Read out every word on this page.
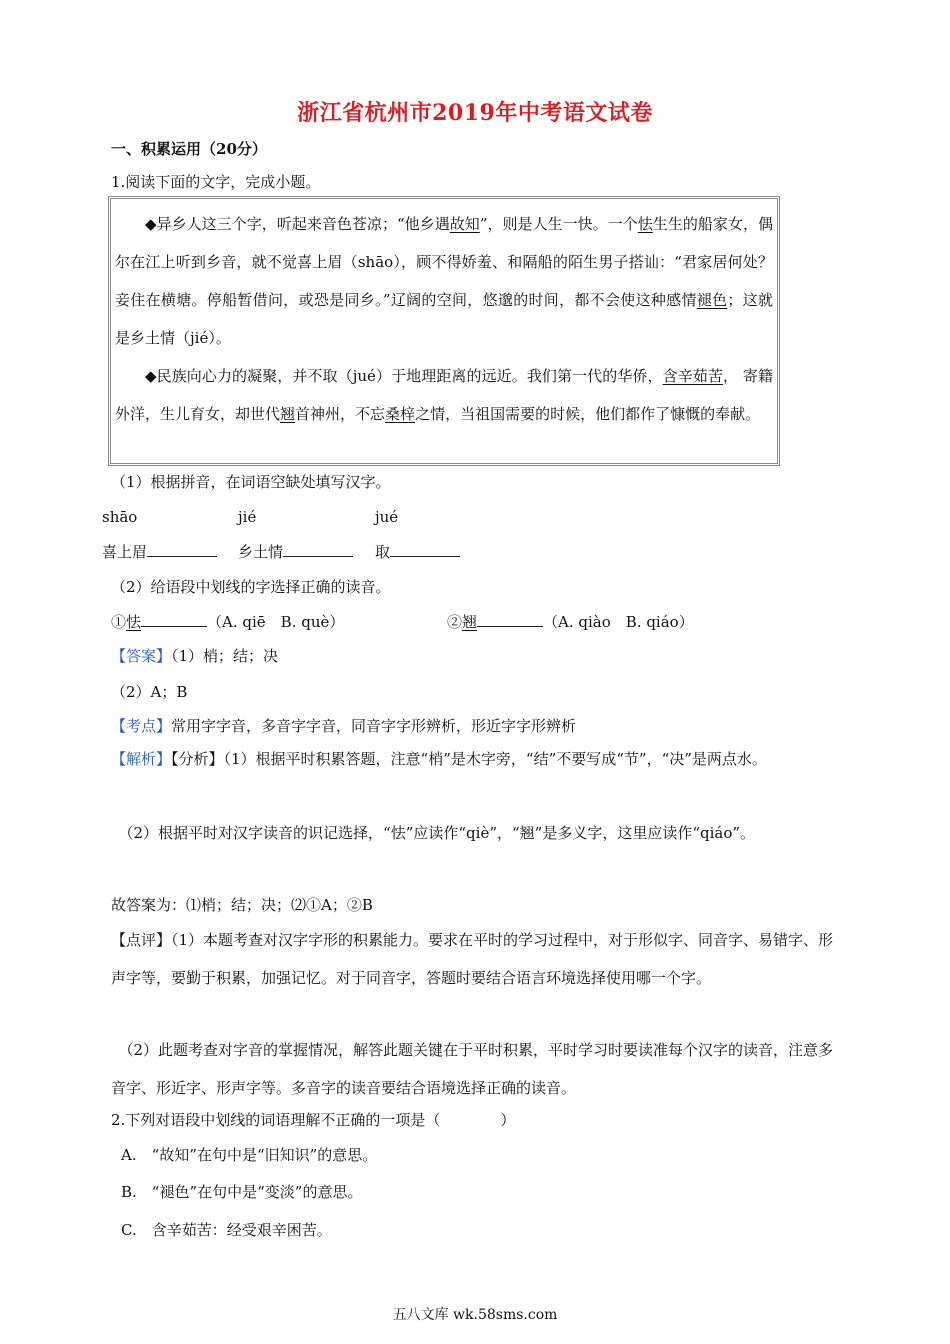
浙江省杭州市2019年中考语文试卷
一、积累运用（20分）
1.阅读下面的文字，完成小题。

◆异乡人这三个字，听起来音色苍凉；“他乡遇故知”，则是人生一快。一个怯生生的船家女，偶尔在江上听到乡音，就不觉喜上眉（shāo），顾不得娇羞、和隔船的陌生男子搭讪：“君家居何处？妾住在横塘。停船暂借问，或恐是同乡。”辽阔的空间，悠邈的时间，都不会使这种感情褪色；这就是乡土情（jié）。

◆民族向心力的凝聚，并不取（jué）于地理距离的远近。我们第一代的华侨，含辛茹苦， 寄籍外洋，生儿育女，却世代翘首神州，不忘桑梓之情，当祖国需要的时候，他们都作了慷慨的奉献。

（1）根据拼音，在词语空缺处填写汉字。
shāo	jié	jué
喜上眉	乡土情	取
（2）给语段中划线的字选择正确的读音。
①怯	（A. qiē　B. què）	②翘	（A. qiào　B. qiáo）
【答案】（1）梢；结；决
（2）A；B
【考点】常用字字音，多音字字音，同音字字形辨析，形近字字形辨析
【解析】【分析】（1）根据平时积累答题，注意“梢”是木字旁，“结”不要写成“节”，“决”是两点水。
（2）根据平时对汉字读音的识记选择，“怯”应读作“qiè”，“翘”是多义字，这里应读作“qiáo”。
故答案为：⑴梢；结；决；⑵①A；②B
【点评】（1）本题考查对汉字字形的积累能力。要求在平时的学习过程中，对于形似字、同音字、易错字、形声字等，要勤于积累，加强记忆。对于同音字，答题时要结合语言环境选择使用哪一个字。
（2）此题考查对字音的掌握情况，解答此题关键在于平时积累，平时学习时要读准每个汉字的读音，注意多音字、形近字、形声字等。多音字的读音要结合语境选择正确的读音。
2.下列对语段中划线的词语理解不正确的一项是（　　　　）
A.　“故知”在句中是“旧知识”的意思。
B.　“褪色”在句中是“变淡”的意思。
C.　含辛茹苦：经受艰辛困苦。
五八文库 wk.58sms.com
